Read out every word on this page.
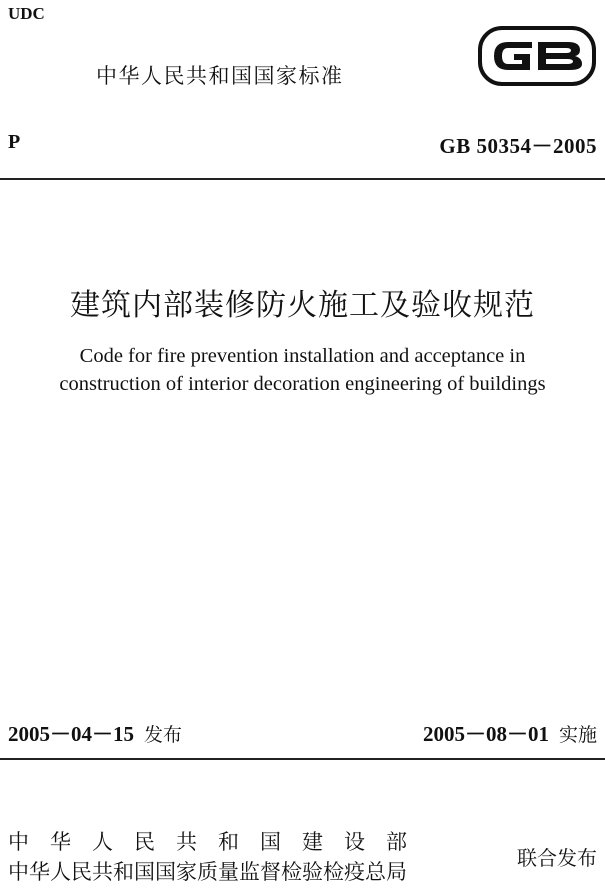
UDC
中华人民共和国国家标准
GB
P	GB 50354－2005
建筑内部装修防火施工及验收规范
Code for fire prevention installation and acceptance in
construction of interior decoration engineering of buildings
2005－04－15 发布	2005－08－01 实施
中华人民共和国建设部
中华人民共和国国家质量监督检验检疫总局
联合发布
